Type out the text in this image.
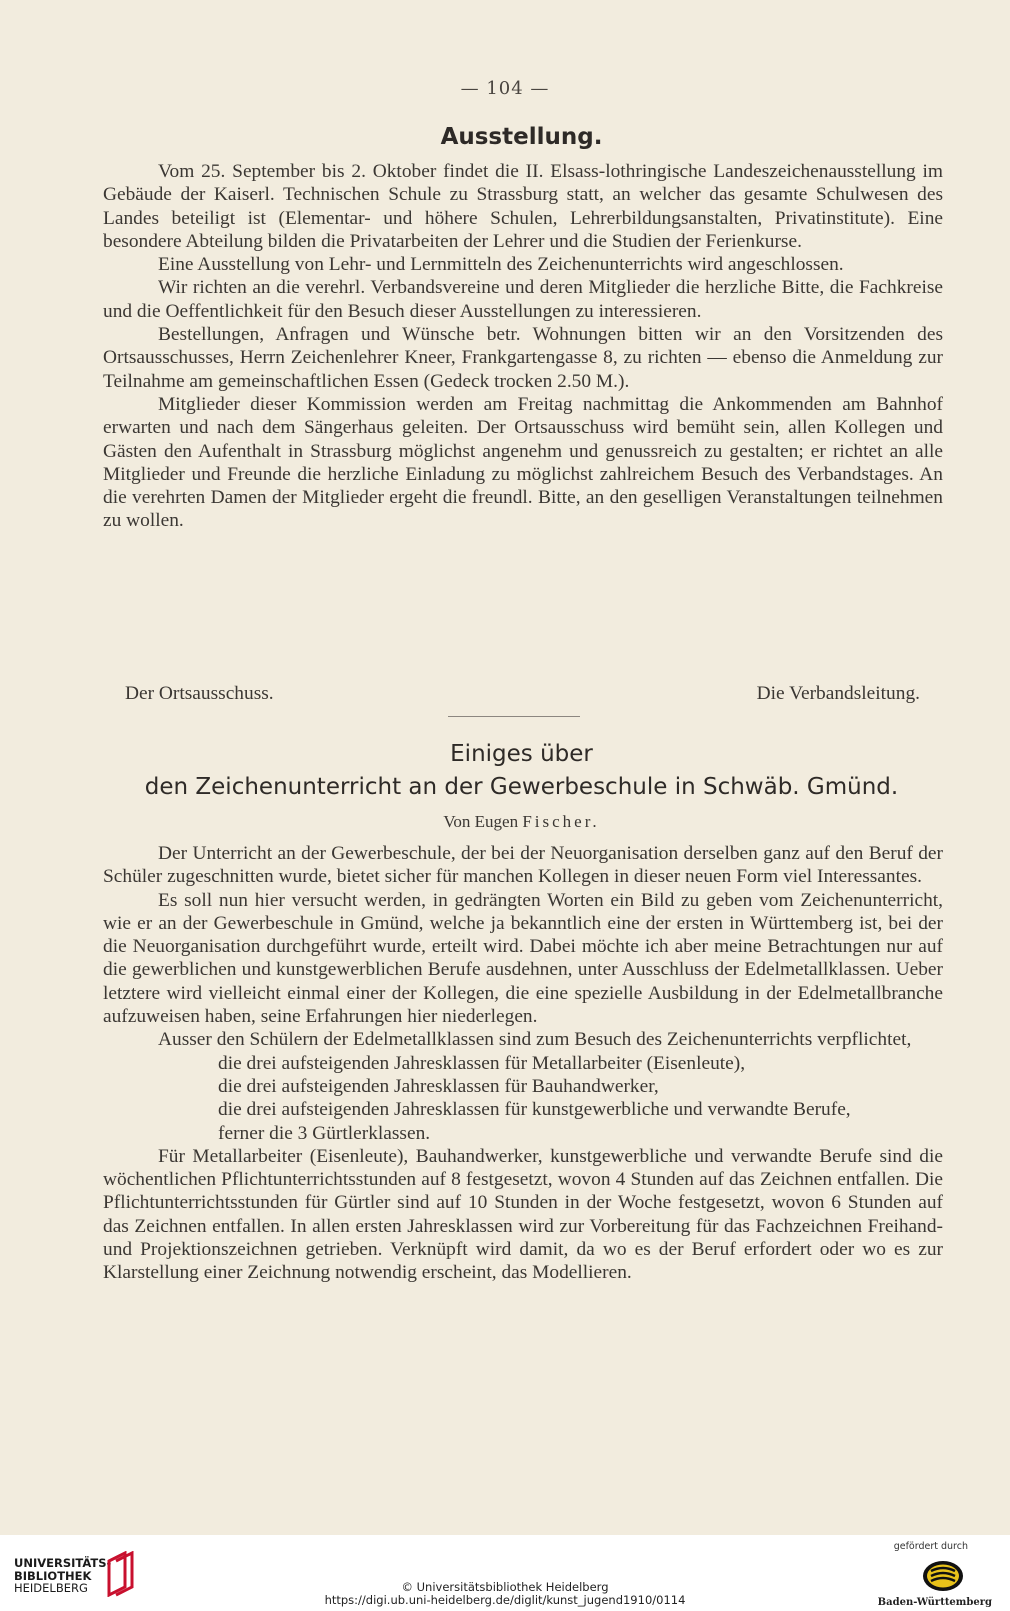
— 104 —
Ausstellung.

Vom 25. September bis 2. Oktober findet die II. Elsass-lothringische Landeszeichenausstellung im Gebäude der Kaiserl. Technischen Schule zu Strassburg statt, an welcher das gesamte Schulwesen des Landes beteiligt ist (Elementar- und höhere Schulen, Lehrerbildungsanstalten, Privatinstitute). Eine besondere Abteilung bilden die Privatarbeiten der Lehrer und die Studien der Ferienkurse.

Eine Ausstellung von Lehr- und Lernmitteln des Zeichenunterrichts wird angeschlossen.

Wir richten an die verehrl. Verbandsvereine und deren Mitglieder die herzliche Bitte, die Fachkreise und die Oeffentlichkeit für den Besuch dieser Ausstellungen zu interessieren.

Bestellungen, Anfragen und Wünsche betr. Wohnungen bitten wir an den Vorsitzenden des Ortsausschusses, Herrn Zeichenlehrer Kneer, Frankgartengasse 8, zu richten — ebenso die Anmeldung zur Teilnahme am gemeinschaftlichen Essen (Gedeck trocken 2.50 M.).

Mitglieder dieser Kommission werden am Freitag nachmittag die Ankommenden am Bahnhof erwarten und nach dem Sängerhaus geleiten. Der Ortsausschuss wird bemüht sein, allen Kollegen und Gästen den Aufenthalt in Strassburg möglichst angenehm und genussreich zu gestalten; er richtet an alle Mitglieder und Freunde die herzliche Einladung zu möglichst zahlreichem Besuch des Verbandstages. An die verehrten Damen der Mitglieder ergeht die freundl. Bitte, an den geselligen Veranstaltungen teilnehmen zu wollen.

Der Ortsausschuss.	Die Verbandsleitung.
Einiges über
den Zeichenunterricht an der Gewerbeschule in Schwäb. Gmünd.
Von Eugen Fischer.

Der Unterricht an der Gewerbeschule, der bei der Neuorganisation derselben ganz auf den Beruf der Schüler zugeschnitten wurde, bietet sicher für manchen Kollegen in dieser neuen Form viel Interessantes.

Es soll nun hier versucht werden, in gedrängten Worten ein Bild zu geben vom Zeichenunterricht, wie er an der Gewerbeschule in Gmünd, welche ja bekanntlich eine der ersten in Württemberg ist, bei der die Neuorganisation durchgeführt wurde, erteilt wird. Dabei möchte ich aber meine Betrachtungen nur auf die gewerblichen und kunstgewerblichen Berufe ausdehnen, unter Ausschluss der Edelmetallklassen. Ueber letztere wird vielleicht einmal einer der Kollegen, die eine spezielle Ausbildung in der Edelmetallbranche aufzuweisen haben, seine Erfahrungen hier niederlegen.

Ausser den Schülern der Edelmetallklassen sind zum Besuch des Zeichenunterrichts verpflichtet,

die drei aufsteigenden Jahresklassen für Metallarbeiter (Eisenleute),
die drei aufsteigenden Jahresklassen für Bauhandwerker,
die drei aufsteigenden Jahresklassen für kunstgewerbliche und verwandte Berufe,
ferner die 3 Gürtlerklassen.

Für Metallarbeiter (Eisenleute), Bauhandwerker, kunstgewerbliche und verwandte Berufe sind die wöchentlichen Pflichtunterrichtsstunden auf 8 festgesetzt, wovon 4 Stunden auf das Zeichnen entfallen. Die Pflichtunterrichtsstunden für Gürtler sind auf 10 Stunden in der Woche festgesetzt, wovon 6 Stunden auf das Zeichnen entfallen. In allen ersten Jahresklassen wird zur Vorbereitung für das Fachzeichnen Freihand- und Projektionszeichnen getrieben. Verknüpft wird damit, da wo es der Beruf erfordert oder wo es zur Klarstellung einer Zeichnung notwendig erscheint, das Modellieren.

UNIVERSITÄTS-
BIBLIOTHEK
HEIDELBERG	© Universitätsbibliothek Heidelberg
https://digi.ub.uni-heidelberg.de/diglit/kunst_jugend1910/0114
gefördert durch
Baden-Württemberg
